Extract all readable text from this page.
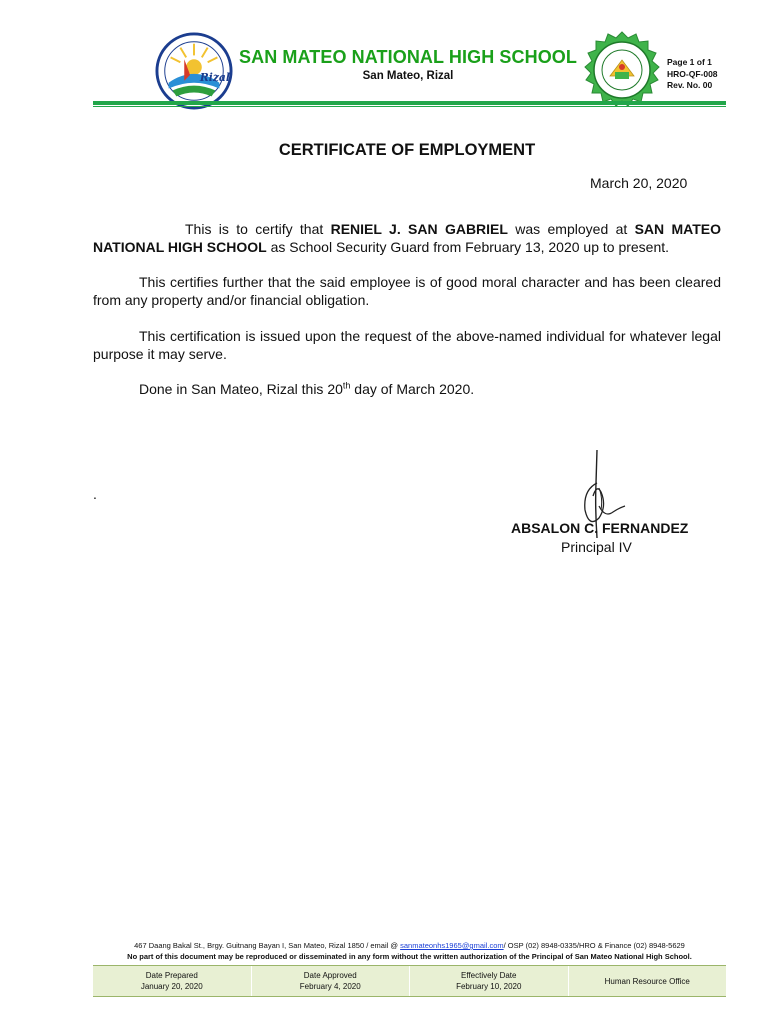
Rizal
SAN MATEO NATIONAL HIGH SCHOOL
San Mateo, Rizal
Page 1 of 1
HRO-QF-008
Rev. No. 00
CERTIFICATE OF EMPLOYMENT
March 20, 2020

This is to certify that RENIEL J. SAN GABRIEL was employed at SAN MATEO NATIONAL HIGH SCHOOL as School Security Guard from February 13, 2020 up to present.

This certifies further that the said employee is of good moral character and has been cleared from any property and/or financial obligation.

This certification is issued upon the request of the above-named individual for whatever legal purpose it may serve.

Done in San Mateo, Rizal this 20th day of March 2020.

.
ABSALON C. FERNANDEZ
Principal IV
467 Daang Bakal St., Brgy. Guitnang Bayan I, San Mateo, Rizal 1850 / email @ sanmateonhs1965@gmail.com/ OSP (02) 8948-0335/HRO & Finance (02) 8948-5629
No part of this document may be reproduced or disseminated in any form without the written authorization of the Principal of San Mateo National High School.
Date Prepared
January 20, 2020
Date Approved
February 4, 2020
Effectively Date
February 10, 2020
Human Resource Office
